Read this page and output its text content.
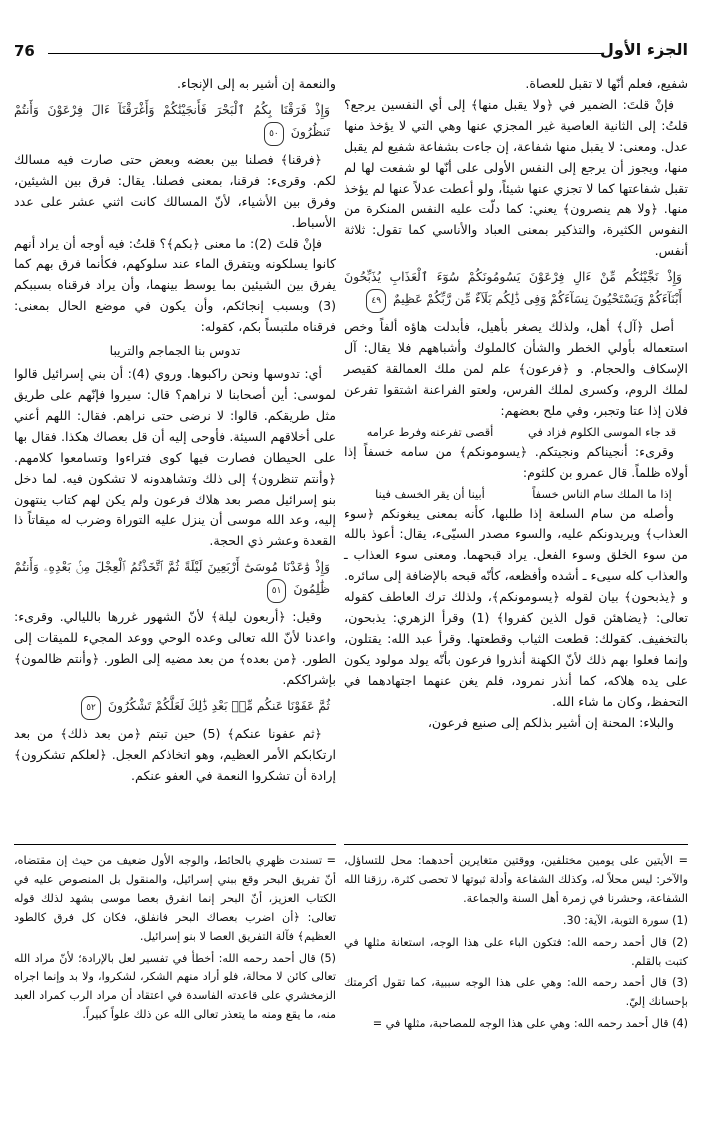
76	الجزء الأول

شفيع، فعلم أنّها لا تقبل للعصاة.

فإنْ قلتَ: الضمير في ﴿ولا يقبل منها﴾ إلى أي النفسين يرجع؟ قلتُ: إلى الثانية العاصية غير المجزي عنها وهي التي لا يؤخذ منها عدل. ومعنى: لا يقبل منها شفاعة، إن جاءت بشفاعة شفيع لم يقبل منها، ويجوز أن يرجع إلى النفس الأولى على أنّها لو شفعت لها لم تقبل شفاعتها كما لا تجزي عنها شيئاً، ولو أعطت عدلاً عنها لم يؤخذ منها. ﴿ولا هم ينصرون﴾ يعني: كما دلّت عليه النفس المنكرة من النفوس الكثيرة، والتذكير بمعنى العباد والأناسي كما تقول: ثلاثة أنفس.

وَإِذْ نَجَّيْنَٰكُم مِّنْ ءَالِ فِرْعَوْنَ يَسُومُونَكُمْ سُوٓءَ ٱلْعَذَابِ يُذَبِّحُونَ أَبْنَآءَكُمْ وَيَسْتَحْيُونَ نِسَآءَكُمْ وَفِى ذَٰلِكُم بَلَآءٌ مِّن رَّبِّكُمْ عَظِيمٌ ٤٩

أصل ﴿آل﴾ أهل، ولذلك يصغر بأهيل، فأبدلت هاؤه ألفاً وخص استعماله بأولي الخطر والشأن كالملوك وأشباههم فلا يقال: آل الإسكاف والحجام. و ﴿فرعون﴾ علم لمن ملك العمالقة كقيصر لملك الروم، وكسرى لملك الفرس، ولعتو الفراعنة اشتقوا تفرعن فلان إذا عتا وتجبر، وفي ملح بعضهم:

قد جاء الموسى الكلوم فزاد في
أقصى تفرعنه وفرط عرامه

وقرىء: أنجيناكم ونجيتكم. ﴿يسومونكم﴾ من سامه خسفاً إذا أولاه ظلماً. قال عمرو بن كلثوم:

إذا ما الملك سام الناس خسفاً
أبينا أن يقر الخسف فينا

وأصله من سام السلعة إذا طلبها، كأنه بمعنى يبغونكم ﴿سوء العذاب﴾ ويريدونكم عليه، والسوء مصدر السيّىء، يقال: أعوذ بالله من سوء الخلق وسوء الفعل. يراد قبحهما. ومعنى سوء العذاب ـ والعذاب كله سيىء ـ أشده وأفظعه، كأنّه قبحه بالإضافة إلى سائره. و ﴿يذبحون﴾ بيان لقوله ﴿يسومونكم﴾، ولذلك ترك العاطف كقوله تعالى: ﴿يضاهئن قول الذين كفروا﴾ (1) وقرأ الزهري: يذبحون، بالتخفيف. كقولك: قطعت الثياب وقطعتها. وقرأ عبد الله: يقتلون، وإنما فعلوا بهم ذلك لأنّ الكهنة أنذروا فرعون بأنّه يولد مولود يكون على يده هلاكه، كما أنذر نمرود، فلم يغن عنهما اجتهادهما في التحفظ، وكان ما شاء الله.

والبلاء: المحنة إن أشير بذلكم إلى صنيع فرعون،

والنعمة إن أشير به إلى الإنجاء.

وَإِذْ فَرَقْنَا بِكُمُ ٱلْبَحْرَ فَأَنجَيْنَٰكُمْ وَأَغْرَقْنَآ ءَالَ فِرْعَوْنَ وَأَنتُمْ تَنظُرُونَ ٥٠

﴿فرقنا﴾ فصلنا بين بعضه وبعض حتى صارت فيه مسالك لكم. وقرىء: فرقنا، بمعنى فصلنا. يقال: فرق بين الشيئين، وفرق بين الأشياء، لأنّ المسالك كانت اثني عشر على عدد الأسباط.

فإنْ قلتَ (2): ما معنى ﴿بكم﴾؟ قلتُ: فيه أوجه أن يراد أنهم كانوا يسلكونه ويتفرق الماء عند سلوكهم، فكأنما فرق بهم كما يفرق بين الشيئين بما يوسط بينهما، وأن يراد فرقناه بسببكم (3) وبسبب إنجائكم، وأن يكون في موضع الحال بمعنى: فرقناه ملتبساً بكم، كقوله:

تدوس بنا الجماجم والتريبا

أي: تدوسها ونحن راكبوها. وروي (4): أن بني إسرائيل قالوا لموسى: أين أصحابنا لا نراهم؟ قال: سيروا فإنّهم على طريق مثل طريقكم. قالوا: لا نرضى حتى نراهم. فقال: اللهم أعني على أخلاقهم السيئة. فأوحى إليه أن قل بعصاك هكذا. فقال بها على الحيطان فصارت فيها كوى فتراءوا وتسامعوا كلامهم. ﴿وأنتم تنظرون﴾ إلى ذلك وتشاهدونه لا تشكون فيه. لما دخل بنو إسرائيل مصر بعد هلاك فرعون ولم يكن لهم كتاب ينتهون إليه، وعد الله موسى أن ينزل عليه التوراة وضرب له ميقاتاً ذا القعدة وعشر ذي الحجة.

وَإِذْ وَٰعَدْنَا مُوسَىٰٓ أَرْبَعِينَ لَيْلَةً ثُمَّ ٱتَّخَذْتُمُ ٱلْعِجْلَ مِنۢ بَعْدِهِۦ وَأَنتُمْ ظَٰلِمُونَ ٥١

وقيل: ﴿أربعون ليلة﴾ لأنّ الشهور غررها بالليالي. وقرىء: واعدنا لأنّ الله تعالى وعده الوحي ووعد المجيء للميقات إلى الطور. ﴿من بعده﴾ من بعد مضيه إلى الطور. ﴿وأنتم ظالمون﴾ بإشراككم.

ثُمَّ عَفَوْنَا عَنكُم مِّنۢ بَعْدِ ذَٰلِكَ لَعَلَّكُمْ تَشْكُرُونَ ٥٢

﴿ثم عفونا عنكم﴾ (5) حين تبتم ﴿من بعد ذلك﴾ من بعد ارتكابكم الأمر العظيم، وهو اتخاذكم العجل. ﴿لعلكم تشكرون﴾ إرادة أن تشكروا النعمة في العفو عنكم.

= الأيتين على يومين مختلفين، ووقتين متغايرين أحدهما: محل للتساؤل، والآخر: ليس محلاً له، وكذلك الشفاعة وأدلة ثبوتها لا تحصى كثرة، رزقنا الله الشفاعة، وحشرنا في زمرة أهل السنة والجماعة.

(1) سورة التوبة، الآية: 30.

(2) قال أحمد رحمه الله: فتكون الباء على هذا الوجه، استعانة مثلها في كتبت بالقلم.

(3) قال أحمد رحمه الله: وهي على هذا الوجه سببية، كما تقول أكرمتك بإحسانك إليّ.

(4) قال أحمد رحمه الله: وهي على هذا الوجه للمصاحبة، مثلها في =

= تسندت ظهري بالحائط، والوجه الأول ضعيف من حيث إن مقتضاه، أنّ تفريق البحر وقع ببني إسرائيل، والمنقول بل المنصوص عليه في الكتاب العزيز، أنّ البحر إنما انفرق بعصا موسى بشهد لذلك قوله تعالى: ﴿أن اضرب بعصاك البحر فانفلق، فكان كل فرق كالطود العظيم﴾ فآلة التفريق العصا لا بنو إسرائيل.

(5) قال أحمد رحمه الله: أخطأ في تفسير لعل بالإرادة؛ لأنّ مراد الله تعالى كائن لا محالة، فلو أراد منهم الشكر، لشكروا، ولا بد وإنما اجراه الزمخشري على قاعدته الفاسدة في اعتقاد أن مراد الرب كمراد العبد منه، ما يقع ومنه ما يتعذر تعالى الله عن ذلك علواً كبيراً.
